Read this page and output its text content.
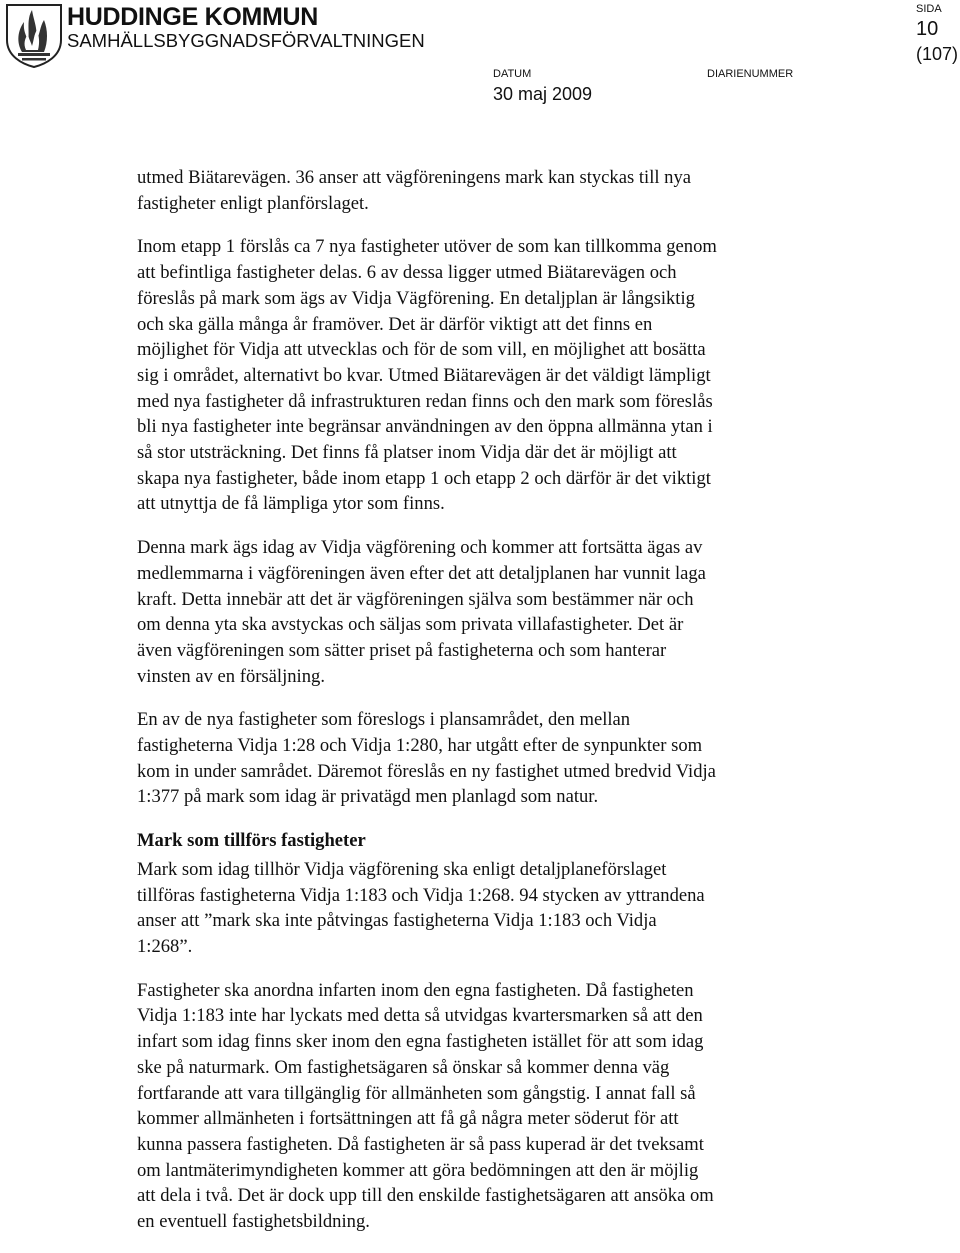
HUDDINGE KOMMUN
SAMHÄLLSBYGGNADSFÖRVALTNINGEN
SIDA
10
(107)
DATUM
30 maj 2009
DIARIENUMMER

utmed Biätarevägen. 36 anser att vägföreningens mark kan styckas till nya
fastigheter enligt planförslaget.

Inom etapp 1 förslås ca 7 nya fastigheter utöver de som kan tillkomma genom
att befintliga fastigheter delas. 6 av dessa ligger utmed Biätarevägen och
föreslås på mark som ägs av Vidja Vägförening. En detaljplan är långsiktig
och ska gälla många år framöver. Det är därför viktigt att det finns en
möjlighet för Vidja att utvecklas och för de som vill, en möjlighet att bosätta
sig i området, alternativt bo kvar. Utmed Biätarevägen är det väldigt lämpligt
med nya fastigheter då infrastrukturen redan finns och den mark som föreslås
bli nya fastigheter inte begränsar användningen av den öppna allmänna ytan i
så stor utsträckning. Det finns få platser inom Vidja där det är möjligt att
skapa nya fastigheter, både inom etapp 1 och etapp 2 och därför är det viktigt
att utnyttja de få lämpliga ytor som finns.

Denna mark ägs idag av Vidja vägförening och kommer att fortsätta ägas av
medlemmarna i vägföreningen även efter det att detaljplanen har vunnit laga
kraft. Detta innebär att det är vägföreningen själva som bestämmer när och
om denna yta ska avstyckas och säljas som privata villafastigheter. Det är
även vägföreningen som sätter priset på fastigheterna och som hanterar
vinsten av en försäljning.

En av de nya fastigheter som föreslogs i plansamrådet, den mellan
fastigheterna Vidja 1:28 och Vidja 1:280, har utgått efter de synpunkter som
kom in under samrådet. Däremot föreslås en ny fastighet utmed bredvid Vidja
1:377 på mark som idag är privatägd men planlagd som natur.

Mark som tillförs fastigheter

Mark som idag tillhör Vidja vägförening ska enligt detaljplaneförslaget
tillföras fastigheterna Vidja 1:183 och Vidja 1:268. 94 stycken av yttrandena
anser att ”mark ska inte påtvingas fastigheterna Vidja 1:183 och Vidja
1:268”.

Fastigheter ska anordna infarten inom den egna fastigheten. Då fastigheten
Vidja 1:183 inte har lyckats med detta så utvidgas kvartersmarken så att den
infart som idag finns sker inom den egna fastigheten istället för att som idag
ske på naturmark. Om fastighetsägaren så önskar så kommer denna väg
fortfarande att vara tillgänglig för allmänheten som gångstig. I annat fall så
kommer allmänheten i fortsättningen att få gå några meter söderut för att
kunna passera fastigheten. Då fastigheten är så pass kuperad är det tveksamt
om lantmäterimyndigheten kommer att göra bedömningen att den är möjlig
att dela i två. Det är dock upp till den enskilde fastighetsägaren att ansöka om
en eventuell fastighetsbildning.
